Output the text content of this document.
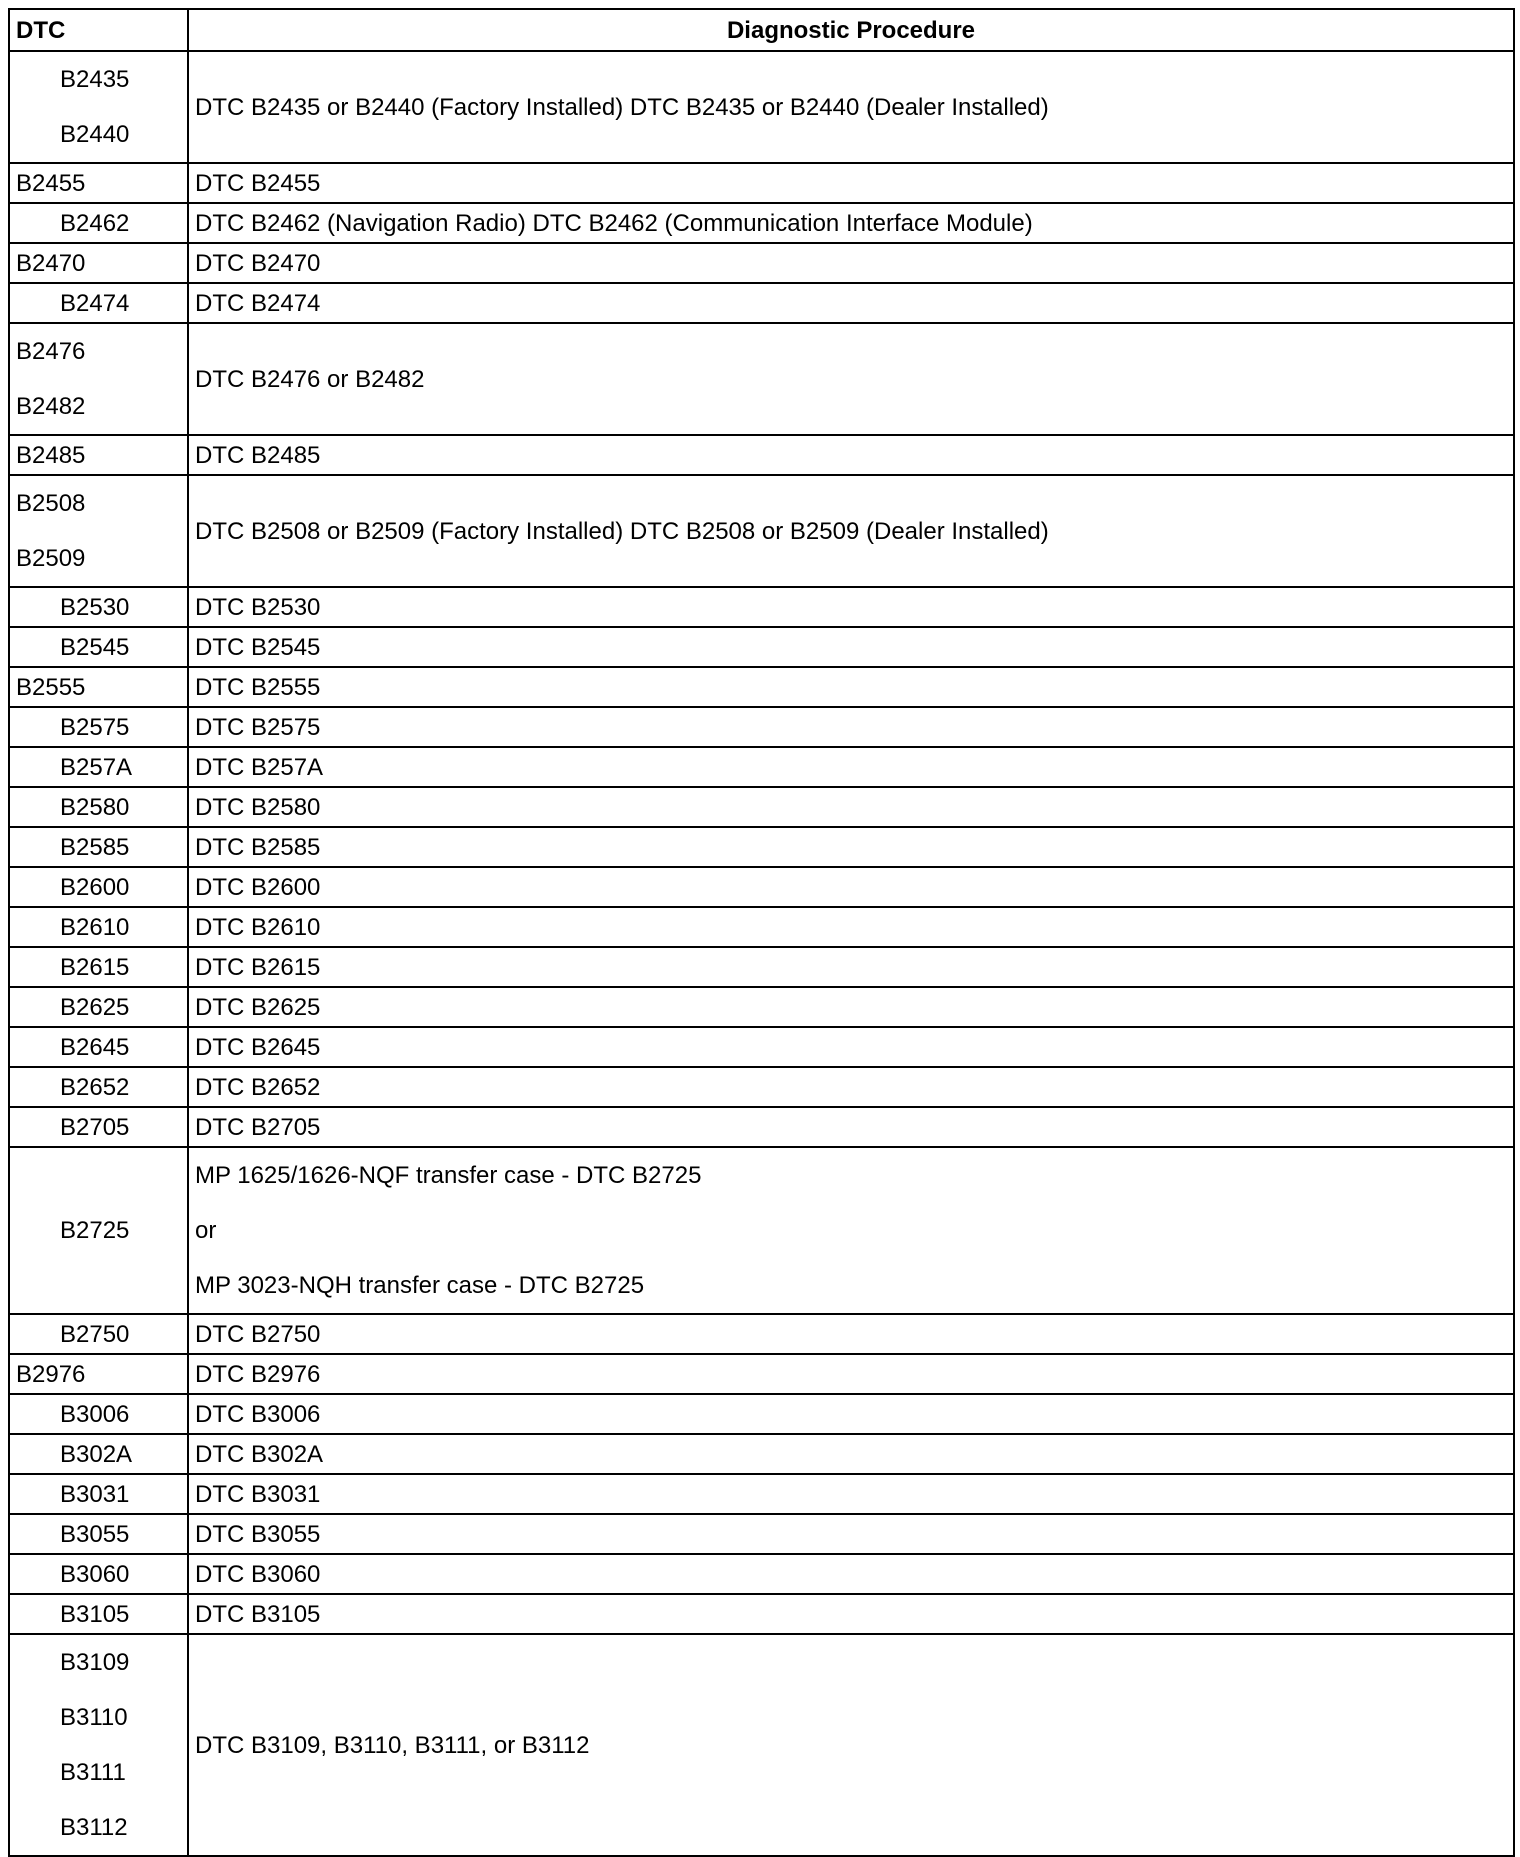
DTC	Diagnostic Procedure

B2435
B2440	DTC B2435 or B2440 (Factory Installed) DTC B2435 or B2440 (Dealer Installed)
B2455	DTC B2455
B2462	DTC B2462 (Navigation Radio) DTC B2462 (Communication Interface Module)
B2470	DTC B2470
B2474	DTC B2474

B2476
B2482	DTC B2476 or B2482
B2485	DTC B2485

B2508
B2509	DTC B2508 or B2509 (Factory Installed) DTC B2508 or B2509 (Dealer Installed)
B2530	DTC B2530
B2545	DTC B2545
B2555	DTC B2555
B2575	DTC B2575
B257A	DTC B257A
B2580	DTC B2580
B2585	DTC B2585
B2600	DTC B2600
B2610	DTC B2610
B2615	DTC B2615
B2625	DTC B2625
B2645	DTC B2645
B2652	DTC B2652
B2705	DTC B2705
B2725	MP 1625/1626-NQF transfer case - DTC B2725
or
MP 3023-NQH transfer case - DTC B2725

B2750	DTC B2750
B2976	DTC B2976
B3006	DTC B3006
B302A	DTC B302A
B3031	DTC B3031
B3055	DTC B3055
B3060	DTC B3060
B3105	DTC B3105

B3109
B3110
B3111
B3112	DTC B3109, B3110, B3111, or B3112
